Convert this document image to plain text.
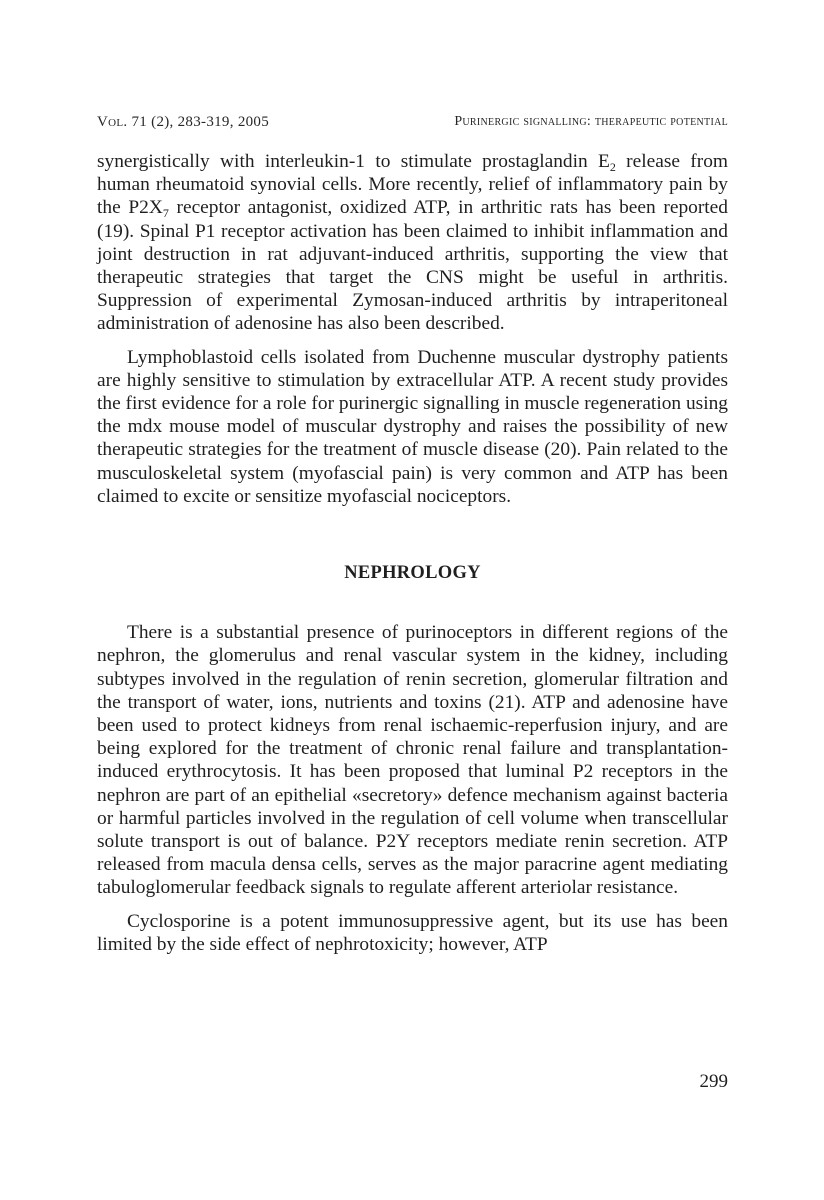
Vol. 71 (2), 283-319, 2005	Purinergic signalling: therapeutic potential

synergistically with interleukin-1 to stimulate prostaglandin $E_2$ release from human rheumatoid synovial cells. More recently, relief of inflammatory pain by the $P2X_7$ receptor antagonist, oxidized ATP, in arthritic rats has been reported (19). Spinal P1 receptor activation has been claimed to inhibit inflammation and joint destruction in rat adjuvant-induced arthritis, supporting the view that therapeutic strategies that target the CNS might be useful in arthritis. Suppression of experimental Zymosan-induced arthritis by intraperitoneal administration of adenosine has also been described.

Lymphoblastoid cells isolated from Duchenne muscular dystrophy patients are highly sensitive to stimulation by extracellular ATP. A recent study provides the first evidence for a role for purinergic signalling in muscle regeneration using the mdx mouse model of muscular dystrophy and raises the possibility of new therapeutic strategies for the treatment of muscle disease (20). Pain related to the musculoskeletal system (myofascial pain) is very common and ATP has been claimed to excite or sensitize myofascial nociceptors.

NEPHROLOGY

There is a substantial presence of purinoceptors in different regions of the nephron, the glomerulus and renal vascular system in the kidney, including subtypes involved in the regulation of renin secretion, glomerular filtration and the transport of water, ions, nutrients and toxins (21). ATP and adenosine have been used to protect kidneys from renal ischaemic-reperfusion injury, and are being explored for the treatment of chronic renal failure and transplantation-induced erythrocytosis. It has been proposed that luminal P2 receptors in the nephron are part of an epithelial «secretory» defence mechanism against bacteria or harmful particles involved in the regulation of cell volume when transcellular solute transport is out of balance. P2Y receptors mediate renin secretion. ATP released from macula densa cells, serves as the major paracrine agent mediating tabuloglomerular feedback signals to regulate afferent arteriolar resistance.

Cyclosporine is a potent immunosuppressive agent, but its use has been limited by the side effect of nephrotoxicity; however, ATP

299
